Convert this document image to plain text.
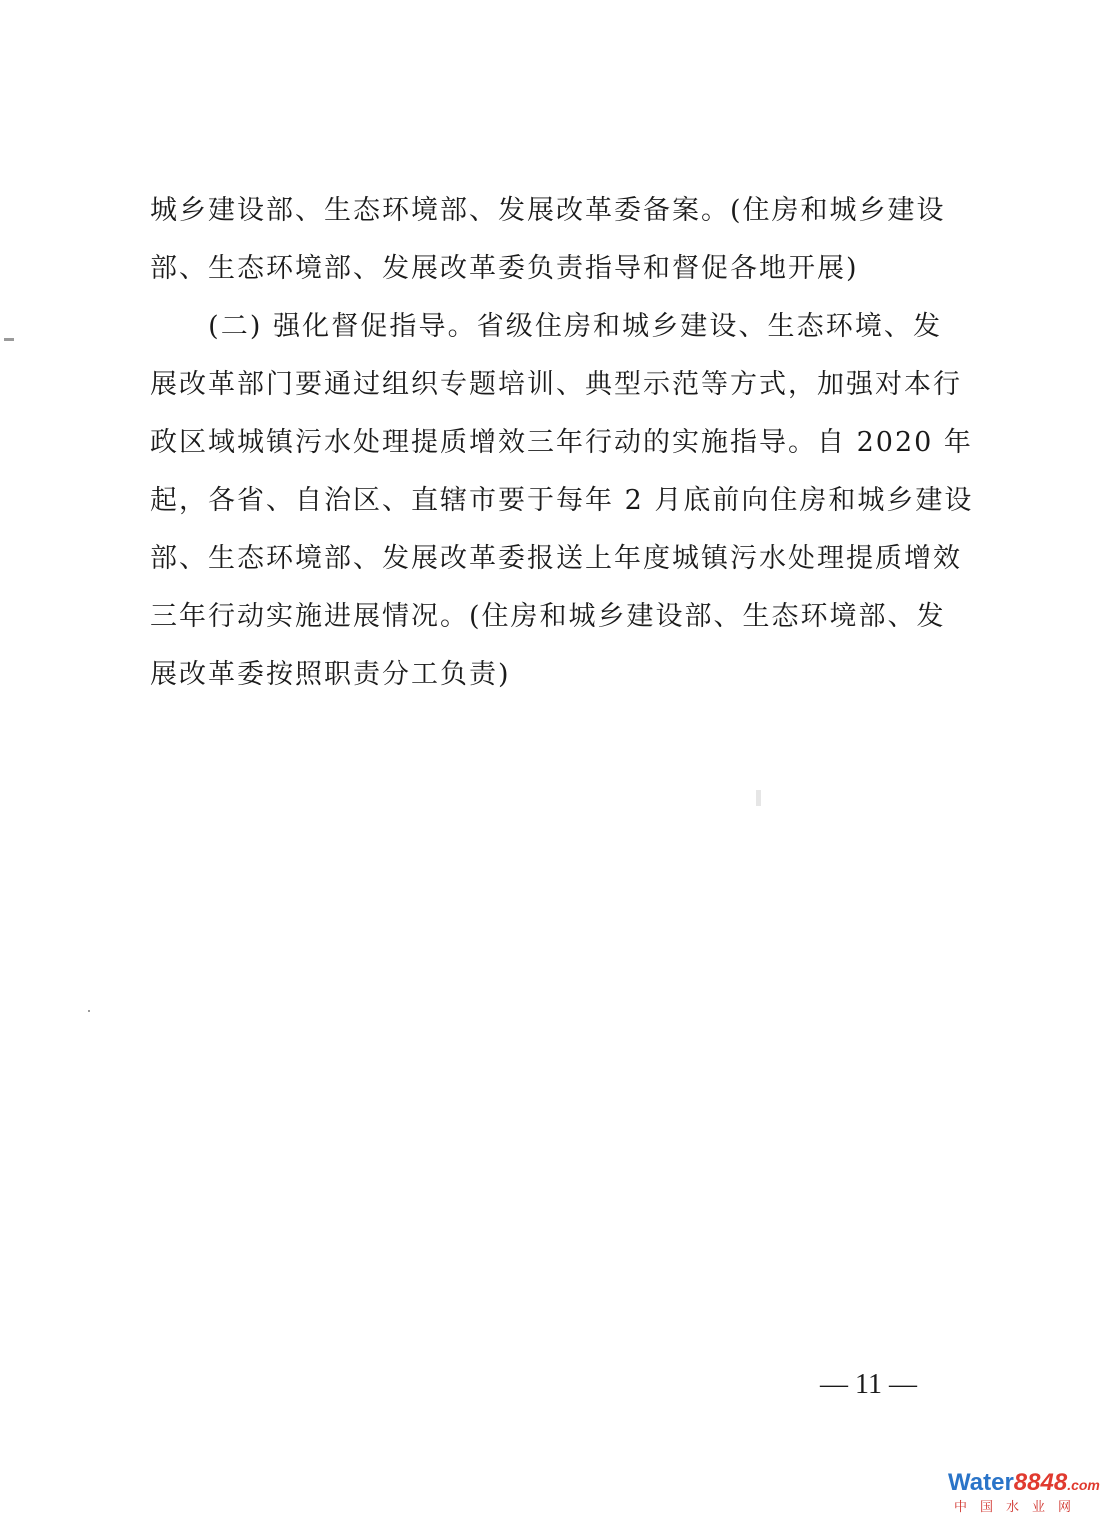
城乡建设部、生态环境部、发展改革委备案。(住房和城乡建设
部、生态环境部、发展改革委负责指导和督促各地开展)
　　(二) 强化督促指导。省级住房和城乡建设、生态环境、发
展改革部门要通过组织专题培训、典型示范等方式，加强对本行
政区域城镇污水处理提质增效三年行动的实施指导。自 2020 年
起，各省、自治区、直辖市要于每年 2 月底前向住房和城乡建设
部、生态环境部、发展改革委报送上年度城镇污水处理提质增效
三年行动实施进展情况。(住房和城乡建设部、生态环境部、发
展改革委按照职责分工负责)
— 11 —
Water8848.com
中国水业网
